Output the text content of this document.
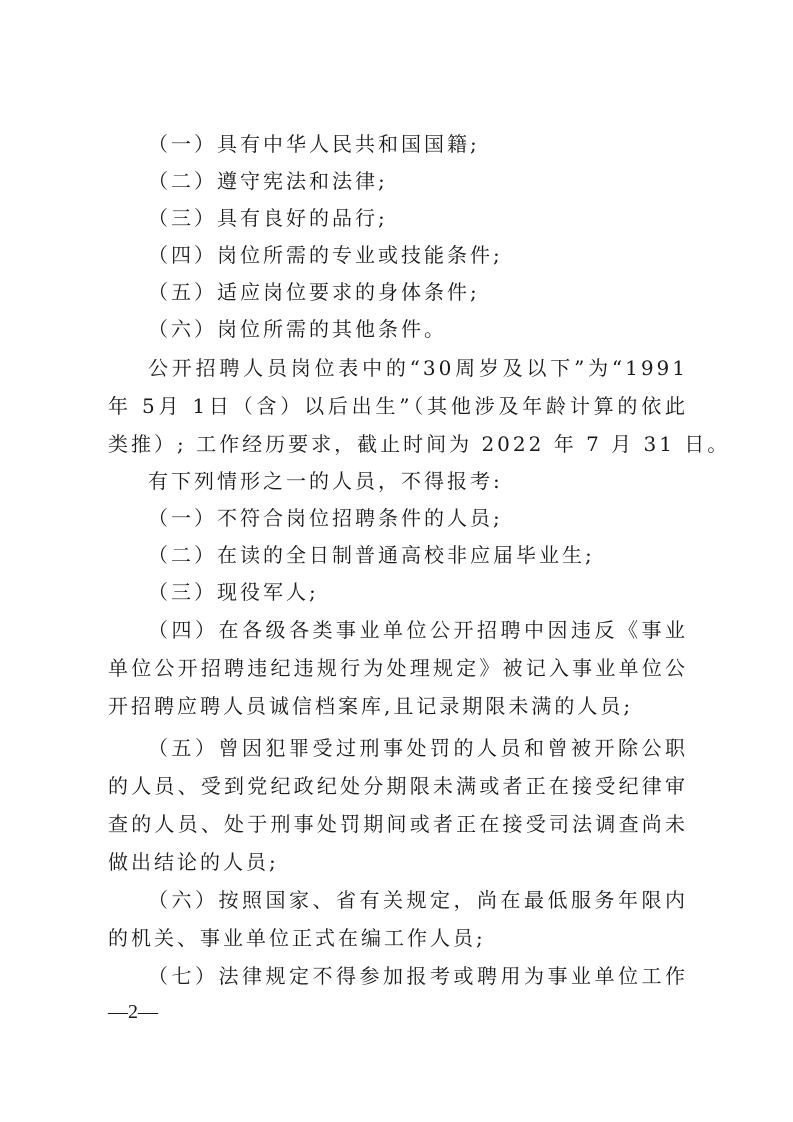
（一）具有中华人民共和国国籍;
（二）遵守宪法和法律;
（三）具有良好的品行;
（四）岗位所需的专业或技能条件;
（五）适应岗位要求的身体条件;
（六）岗位所需的其他条件。
公开招聘人员岗位表中的“30周岁及以下”为“1991
年 5月 1日（含）以后出生”（其他涉及年龄计算的依此
类推）; 工作经历要求，截止时间为 2022 年 7 月 31 日。
有下列情形之一的人员，不得报考:
（一）不符合岗位招聘条件的人员;
（二）在读的全日制普通高校非应届毕业生;
（三）现役军人;
（四）在各级各类事业单位公开招聘中因违反《事业
单位公开招聘违纪违规行为处理规定》被记入事业单位公
开招聘应聘人员诚信档案库,且记录期限未满的人员;
（五）曾因犯罪受过刑事处罚的人员和曾被开除公职
的人员、受到党纪政纪处分期限未满或者正在接受纪律审
查的人员、处于刑事处罚期间或者正在接受司法调查尚未
做出结论的人员;
（六）按照国家、省有关规定，尚在最低服务年限内
的机关、事业单位正式在编工作人员;
（七）法律规定不得参加报考或聘用为事业单位工作
—2—
